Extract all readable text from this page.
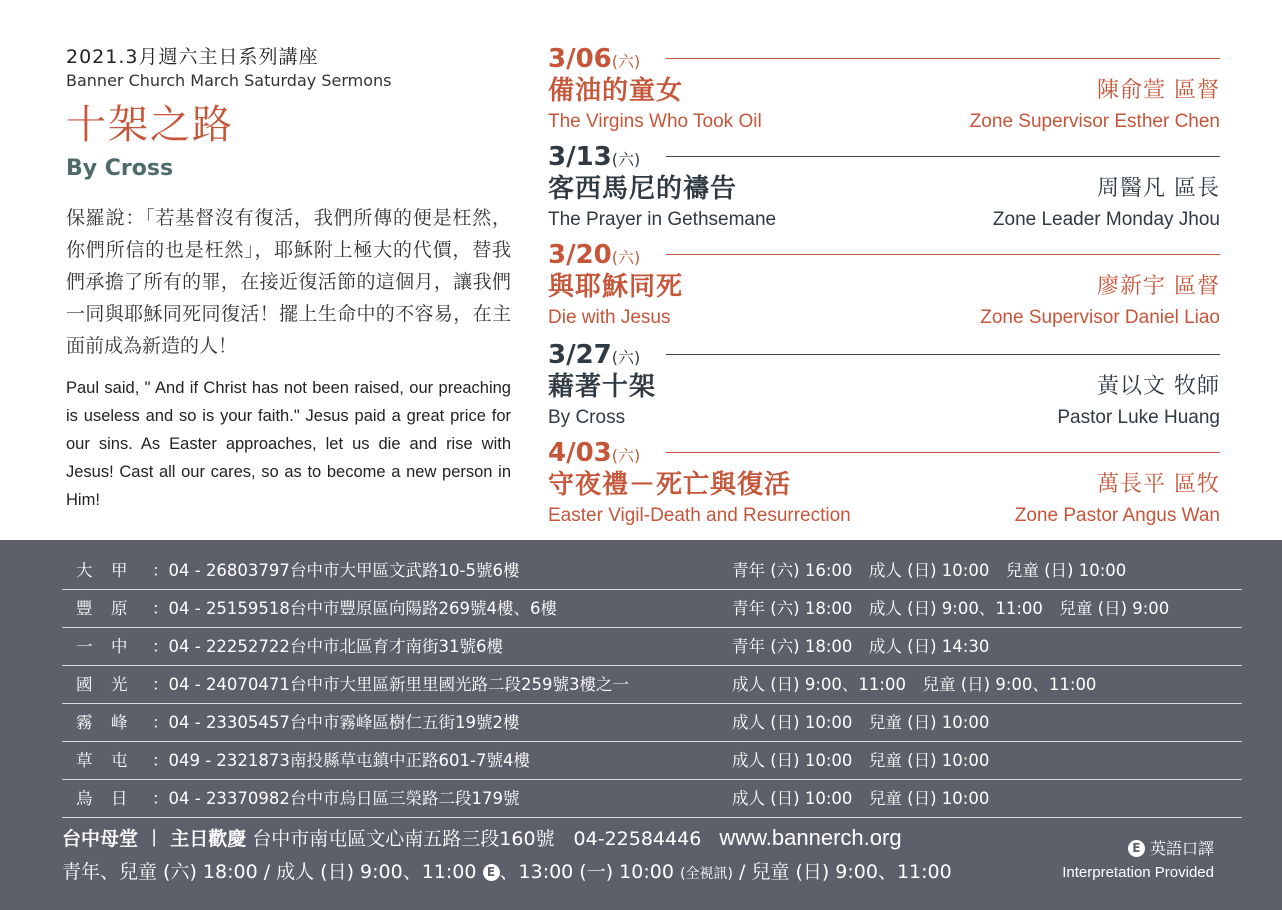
2021.3月週六主日系列講座
Banner Church March Saturday Sermons
十架之路
By Cross
保羅說：「若基督沒有復活，我們所傳的便是枉然，你們所信的也是枉然」，耶穌附上極大的代價，替我們承擔了所有的罪，在接近復活節的這個月，讓我們一同與耶穌同死同復活！擺上生命中的不容易，在主面前成為新造的人！
Paul said, " And if Christ has not been raised, our preaching is useless and so is your faith." Jesus paid a great price for our sins. As Easter approaches, let us die and rise with Jesus! Cast all our cares, so as to become a new person in Him!
3/06(六)
備油的童女
The Virgins Who Took Oil
陳俞萱 區督
Zone Supervisor Esther Chen
3/13(六)
客西馬尼的禱告
The Prayer in Gethsemane
周醫凡 區長
Zone Leader Monday Jhou
3/20(六)
與耶穌同死
Die with Jesus
廖新宇 區督
Zone Supervisor Daniel Liao
3/27(六)
藉著十架
By Cross
黃以文 牧師
Pastor Luke Huang
4/03(六)
守夜禮－死亡與復活
Easter Vigil-Death and Resurrection
萬長平 區牧
Zone Pastor Angus Wan
大　甲 ：04 - 26803797 台中市大甲區文武路10-5號6樓	青年 (六) 16:00　成人 (日) 10:00　兒童 (日) 10:00
豐　原 ：04 - 25159518 台中市豐原區向陽路269號4樓、6樓	青年 (六) 18:00　成人 (日) 9:00、11:00　兒童 (日) 9:00
一　中 ：04 - 22252722 台中市北區育才南街31號6樓	青年 (六) 18:00　成人 (日) 14:30
國　光 ：04 - 24070471 台中市大里區新里里國光路二段259號3樓之一	成人 (日) 9:00、11:00　兒童 (日) 9:00、11:00
霧　峰 ：04 - 23305457 台中市霧峰區樹仁五街19號2樓	成人 (日) 10:00　兒童 (日) 10:00
草　屯 ：049 - 2321873 南投縣草屯鎮中正路601-7號4樓	成人 (日) 10:00　兒童 (日) 10:00
烏　日 ：04 - 23370982 台中市烏日區三榮路二段179號	成人 (日) 10:00　兒童 (日) 10:00
台中母堂 ︱ 主日歡慶 台中市南屯區文心南五路三段160號　04-22584446 www.bannerch.org
青年、兒童 (六) 18:00 / 成人 (日) 9:00、11:00 E 、13:00 (一) 10:00 (全視訊) / 兒童 (日) 9:00、11:00
E 英語口譯
Interpretation Provided
